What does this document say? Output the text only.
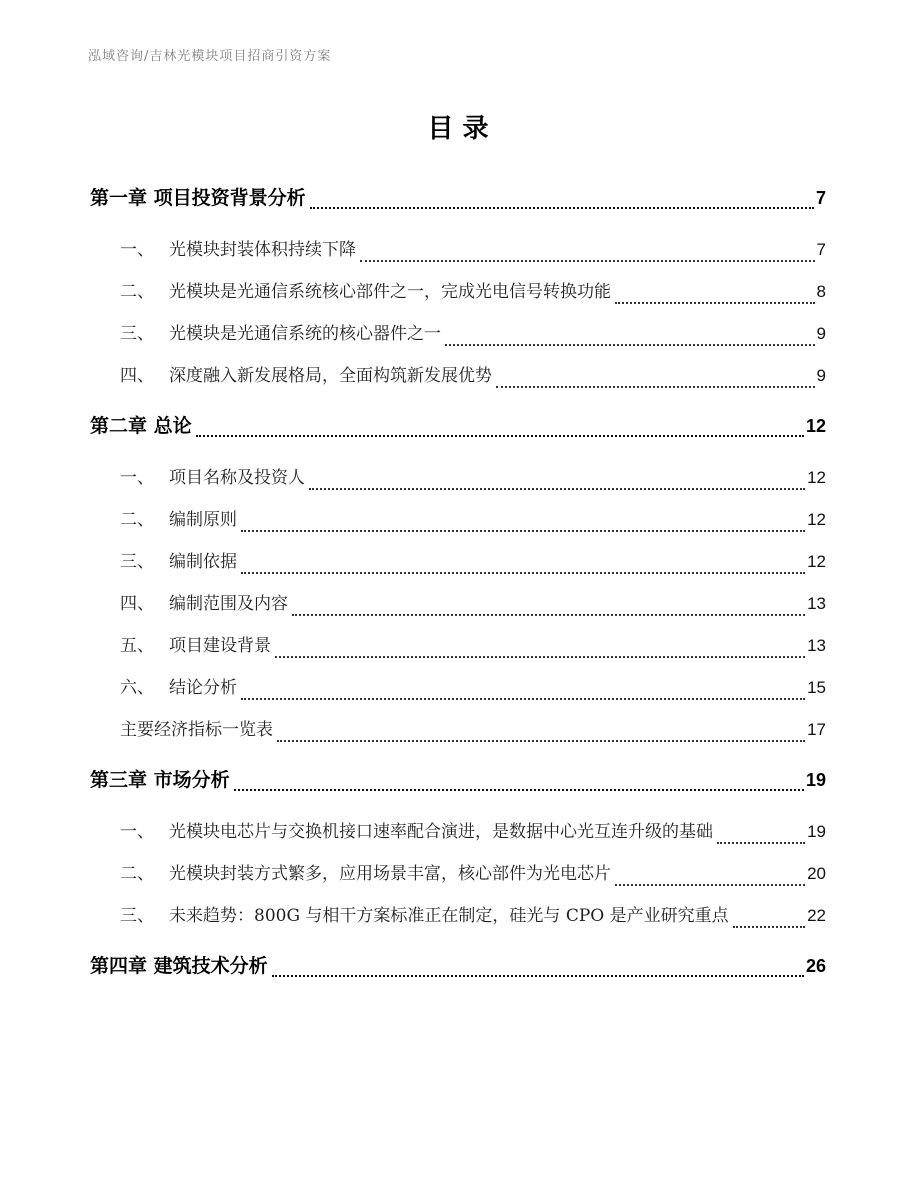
泓域咨询/吉林光模块项目招商引资方案
目录
第一章 项目投资背景分析	7
一、 光模块封装体积持续下降	7
二、 光模块是光通信系统核心部件之一，完成光电信号转换功能	8
三、 光模块是光通信系统的核心器件之一	9
四、 深度融入新发展格局，全面构筑新发展优势	9
第二章 总论	12
一、 项目名称及投资人	12
二、 编制原则	12
三、 编制依据	12
四、 编制范围及内容	13
五、 项目建设背景	13
六、 结论分析	15
主要经济指标一览表	17
第三章 市场分析	19
一、 光模块电芯片与交换机接口速率配合演进，是数据中心光互连升级的基础	19
二、 光模块封装方式繁多，应用场景丰富，核心部件为光电芯片	20
三、 未来趋势：800G 与相干方案标准正在制定，硅光与 CPO 是产业研究重点	22
第四章 建筑技术分析	26
